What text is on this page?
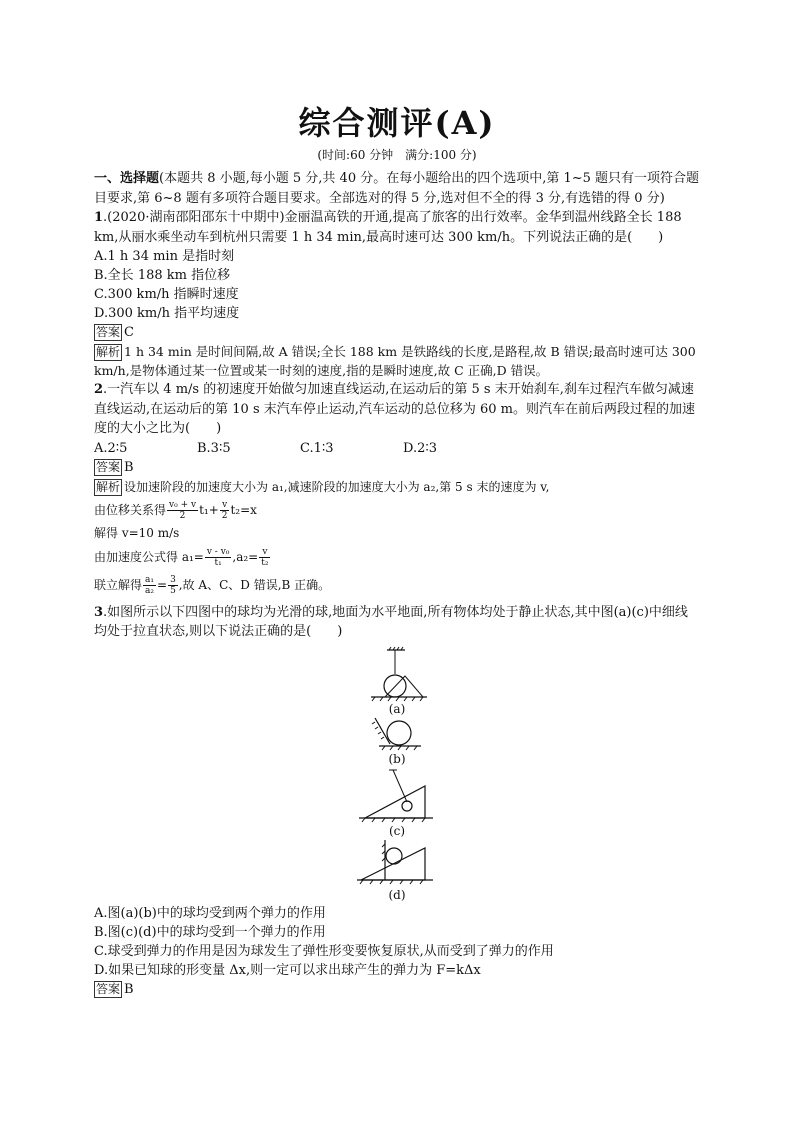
综合测评(A)
(时间:60 分钟　满分:100 分)

一、选择题(本题共 8 小题,每小题 5 分,共 40 分。在每小题给出的四个选项中,第 1~5 题只有一项符合题目要求,第 6~8 题有多项符合题目要求。全部选对的得 5 分,选对但不全的得 3 分,有选错的得 0 分)

1.(2020·湖南邵阳邵东十中期中)金丽温高铁的开通,提高了旅客的出行效率。金华到温州线路全长 188 km,从丽水乘坐动车到杭州只需要 1 h 34 min,最高时速可达 300 km/h。下列说法正确的是(　　)

A.1 h 34 min 是指时刻
B.全长 188 km 指位移
C.300 km/h 指瞬时速度
D.300 km/h 指平均速度
答案 C

解析 1 h 34 min 是时间间隔,故 A 错误;全长 188 km 是铁路线的长度,是路程,故 B 错误;最高时速可达 300 km/h,是物体通过某一位置或某一时刻的速度,指的是瞬时速度,故 C 正确,D 错误。

2.一汽车以 4 m/s 的初速度开始做匀加速直线运动,在运动后的第 5 s 末开始刹车,刹车过程汽车做匀减速直线运动,在运动后的第 10 s 末汽车停止运动,汽车运动的总位移为 60 m。则汽车在前后两段过程的加速度的大小之比为(　　)

A.2∶5	B.3∶5	C.1∶3	D.2∶3
答案 B
解析 设加速阶段的加速度大小为 a₁,减速阶段的加速度大小为 a₂,第 5 s 末的速度为 v,
由位移关系得 $\frac{\text{v₀ + v}}{2} t_1+ \frac{v}{2} t_2=x$
解得 v=10 m/s
由加速度公式得 $a_1= \frac{\text{v - v₀}}{\text{t₁}} ,a_2= \frac{v}{\text{t₂}}$
联立解得 $\frac{\text{a₁}}{\text{a₂}} = \frac{3}{5}$ ,故 A、C、D 错误,B 正确。

3.如图所示以下四图中的球均为光滑的球,地面为水平地面,所有物体均处于静止状态,其中图(a)(c)中细线均处于拉直状态,则以下说法正确的是(　　)

(a)
(b)
(c)
(d)
A.图(a)(b)中的球均受到两个弹力的作用
B.图(c)(d)中的球均受到一个弹力的作用
C.球受到弹力的作用是因为球发生了弹性形变要恢复原状,从而受到了弹力的作用
D.如果已知球的形变量 Δx,则一定可以求出球产生的弹力为 F=kΔx
答案 B
